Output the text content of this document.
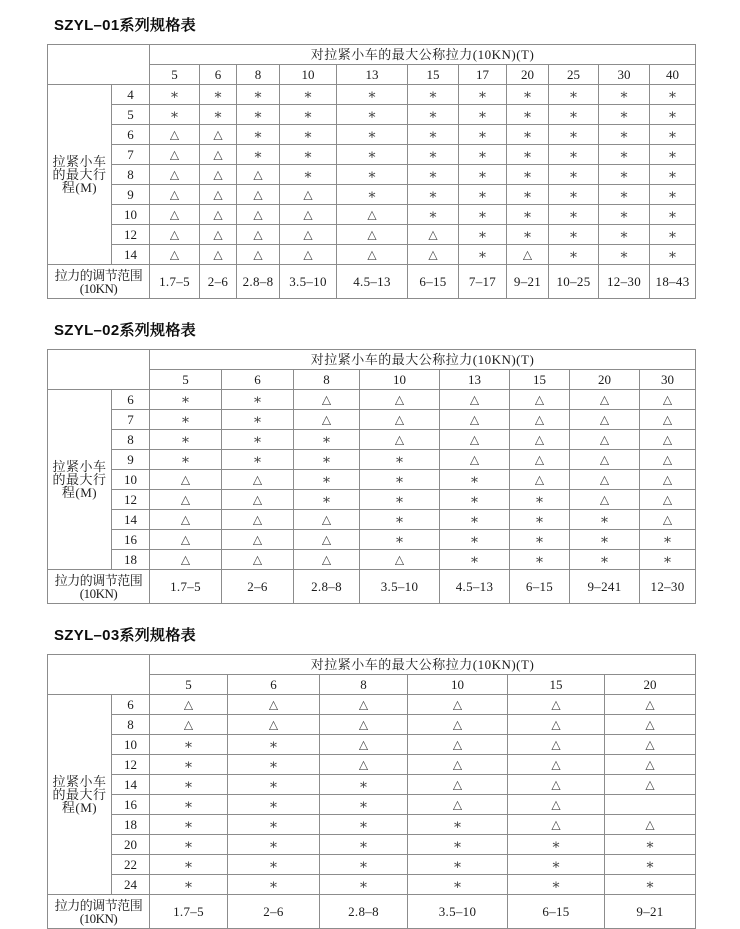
SZYL–01系列规格表
		对拉紧小车的最大公称拉力(10KN)(T)										
		5	6	8	10	13	15	17	20	25	30	40
拉紧小车的最大行程(M)	4	*	*	*	*	*	*	*	*	*	*	*
	5	*	*	*	*	*	*	*	*	*	*	*
	6	△	△	*	*	*	*	*	*	*	*	*
	7	△	△	*	*	*	*	*	*	*	*	*
	8	△	△	△	*	*	*	*	*	*	*	*
	9	△	△	△	△	*	*	*	*	*	*	*
	10	△	△	△	△	△	*	*	*	*	*	*
	12	△	△	△	△	△	△	*	*	*	*	*
	14	△	△	△	△	△	△	*	△	*	*	*
拉力的调节范围(10KN)		1.7–5	2–6	2.8–8	3.5–10	4.5–13	6–15	7–17	9–21	10–25	12–30	18–43
SZYL–02系列规格表
		对拉紧小车的最大公称拉力(10KN)(T)							
		5	6	8	10	13	15	20	30
拉紧小车的最大行程(M)	6	*	*	△	△	△	△	△	△
	7	*	*	△	△	△	△	△	△
	8	*	*	*	△	△	△	△	△
	9	*	*	*	*	△	△	△	△
	10	△	△	*	*	*	△	△	△
	12	△	△	*	*	*	*	△	△
	14	△	△	△	*	*	*	*	△
	16	△	△	△	*	*	*	*	*
	18	△	△	△	△	*	*	*	*
拉力的调节范围(10KN)		1.7–5	2–6	2.8–8	3.5–10	4.5–13	6–15	9–241	12–30
SZYL–03系列规格表
		对拉紧小车的最大公称拉力(10KN)(T)					
		5	6	8	10	15	20
拉紧小车的最大行程(M)	6	△	△	△	△	△	△
	8	△	△	△	△	△	△
	10	*	*	△	△	△	△
	12	*	*	△	△	△	△
	14	*	*	*	△	△	△
	16	*	*	*	△	△	
	18	*	*	*	*	△	△
	20	*	*	*	*	*	*
	22	*	*	*	*	*	*
	24	*	*	*	*	*	*
拉力的调节范围(10KN)		1.7–5	2–6	2.8–8	3.5–10	6–15	9–21
